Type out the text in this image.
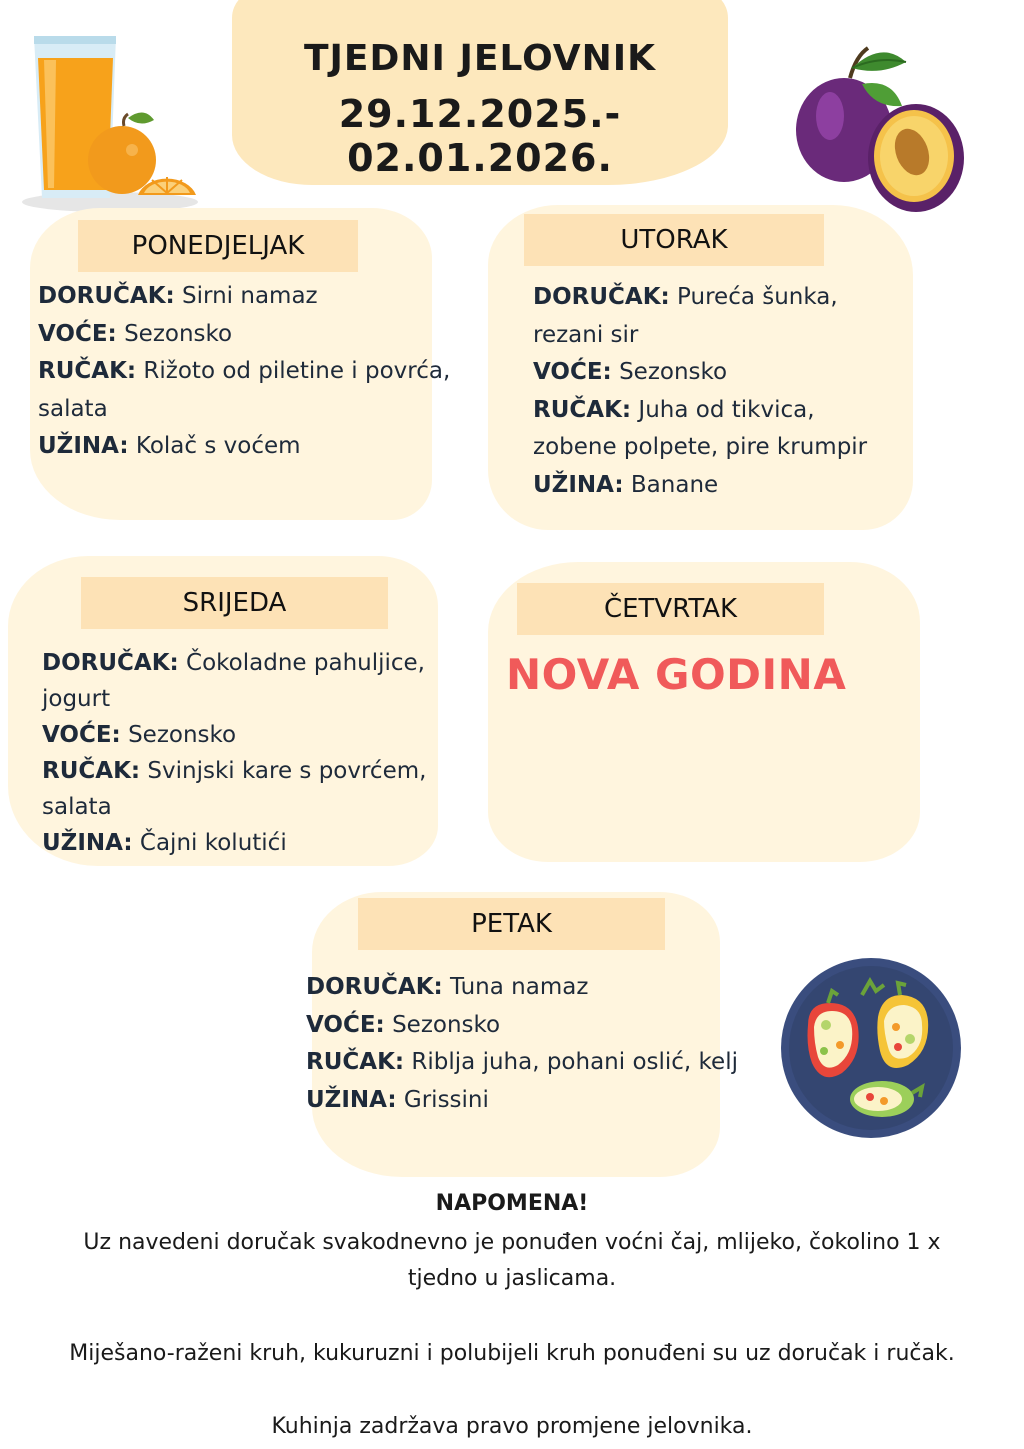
TJEDNI JELOVNIK
29.12.2025.- 02.01.2026.
PONEDJELJAK
DORUČAK: Sirni namaz
VOĆE: Sezonsko
RUČAK: Rižoto od piletine i povrća,
salata
UŽINA: Kolač s voćem
UTORAK
DORUČAK: Pureća šunka,
rezani sir
VOĆE: Sezonsko
RUČAK: Juha od tikvica,
zobene polpete, pire krumpir
UŽINA: Banane
SRIJEDA
DORUČAK: Čokoladne pahuljice,
jogurt
VOĆE: Sezonsko
RUČAK: Svinjski kare s povrćem,
salata
UŽINA: Čajni kolutići
ČETVRTAK
NOVA GODINA
PETAK
DORUČAK: Tuna namaz
VOĆE: Sezonsko
RUČAK: Riblja juha, pohani oslić, kelj
UŽINA: Grissini
NAPOMENA!
Uz navedeni doručak svakodnevno je ponuđen voćni čaj, mlijeko, čokolino 1 x
tjedno u jaslicama.
Miješano-raženi kruh, kukuruzni i polubijeli kruh ponuđeni su uz doručak i ručak.
Kuhinja zadržava pravo promjene jelovnika.
